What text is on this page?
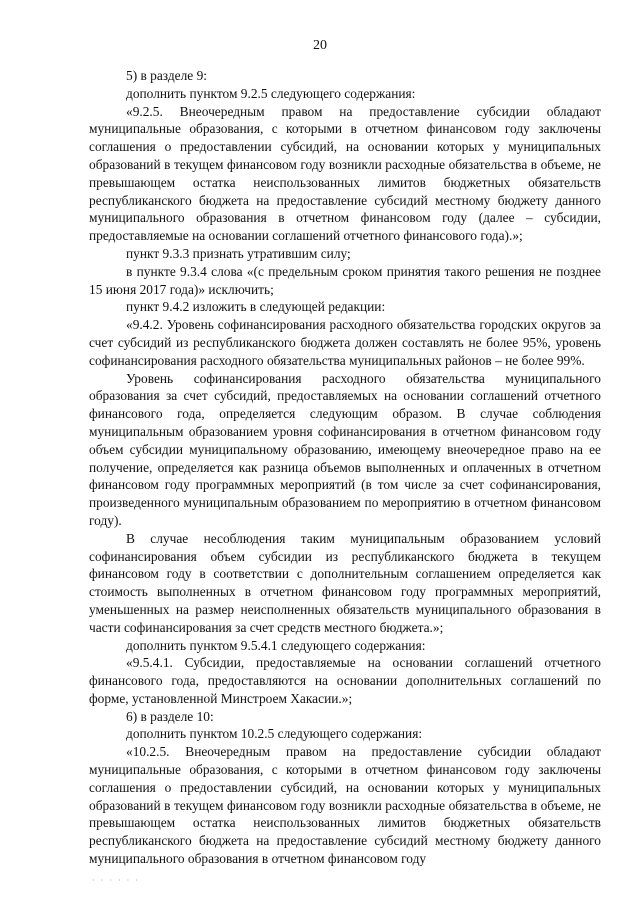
20

5) в разделе 9:

дополнить пунктом 9.2.5 следующего содержания:

«9.2.5. Внеочередным правом на предоставление субсидии обладают муниципальные образования, с которыми в отчетном финансовом году заключены соглашения о предоставлении субсидий, на основании которых у муниципальных образований в текущем финансовом году возникли расходные обязательства в объеме, не превышающем остатка неиспользованных лимитов бюджетных обязательств республиканского бюджета на предоставление субсидий местному бюджету данного муниципального образования в отчетном финансовом году (далее – субсидии, предоставляемые на основании соглашений отчетного финансового года).»;

пункт 9.3.3 признать утратившим силу;

в пункте 9.3.4 слова «(с предельным сроком принятия такого решения не позднее 15 июня 2017 года)» исключить;

пункт 9.4.2 изложить в следующей редакции:

«9.4.2. Уровень софинансирования расходного обязательства городских округов за счет субсидий из республиканского бюджета должен составлять не более 95%, уровень софинансирования расходного обязательства муниципальных районов – не более 99%.

Уровень софинансирования расходного обязательства муниципального образования за счет субсидий, предоставляемых на основании соглашений отчетного финансового года, определяется следующим образом. В случае соблюдения муниципальным образованием уровня софинансирования в отчетном финансовом году объем субсидии муниципальному образованию, имеющему внеочередное право на ее получение, определяется как разница объемов выполненных и оплаченных в отчетном финансовом году программных мероприятий (в том числе за счет софинансирования, произведенного муниципальным образованием по мероприятию в отчетном финансовом году).

В случае несоблюдения таким муниципальным образованием условий софинансирования объем субсидии из республиканского бюджета в текущем финансовом году в соответствии с дополнительным соглашением определяется как стоимость выполненных в отчетном финансовом году программных мероприятий, уменьшенных на размер неисполненных обязательств муниципального образования в части софинансирования за счет средств местного бюджета.»;

дополнить пунктом 9.5.4.1 следующего содержания:

«9.5.4.1. Субсидии, предоставляемые на основании соглашений отчетного финансового года, предоставляются на основании дополнительных соглашений по форме, установленной Минстроем Хакасии.»;

6) в разделе 10:

дополнить пунктом 10.2.5 следующего содержания:

«10.2.5. Внеочередным правом на предоставление субсидии обладают муниципальные образования, с которыми в отчетном финансовом году заключены соглашения о предоставлении субсидий, на основании которых у муниципальных образований в текущем финансовом году возникли расходные обязательства в объеме, не превышающем остатка неиспользованных лимитов бюджетных обязательств республиканского бюджета на предоставление субсидий местному бюджету данного муниципального образования в отчетном финансовом году

· · · · · ·
